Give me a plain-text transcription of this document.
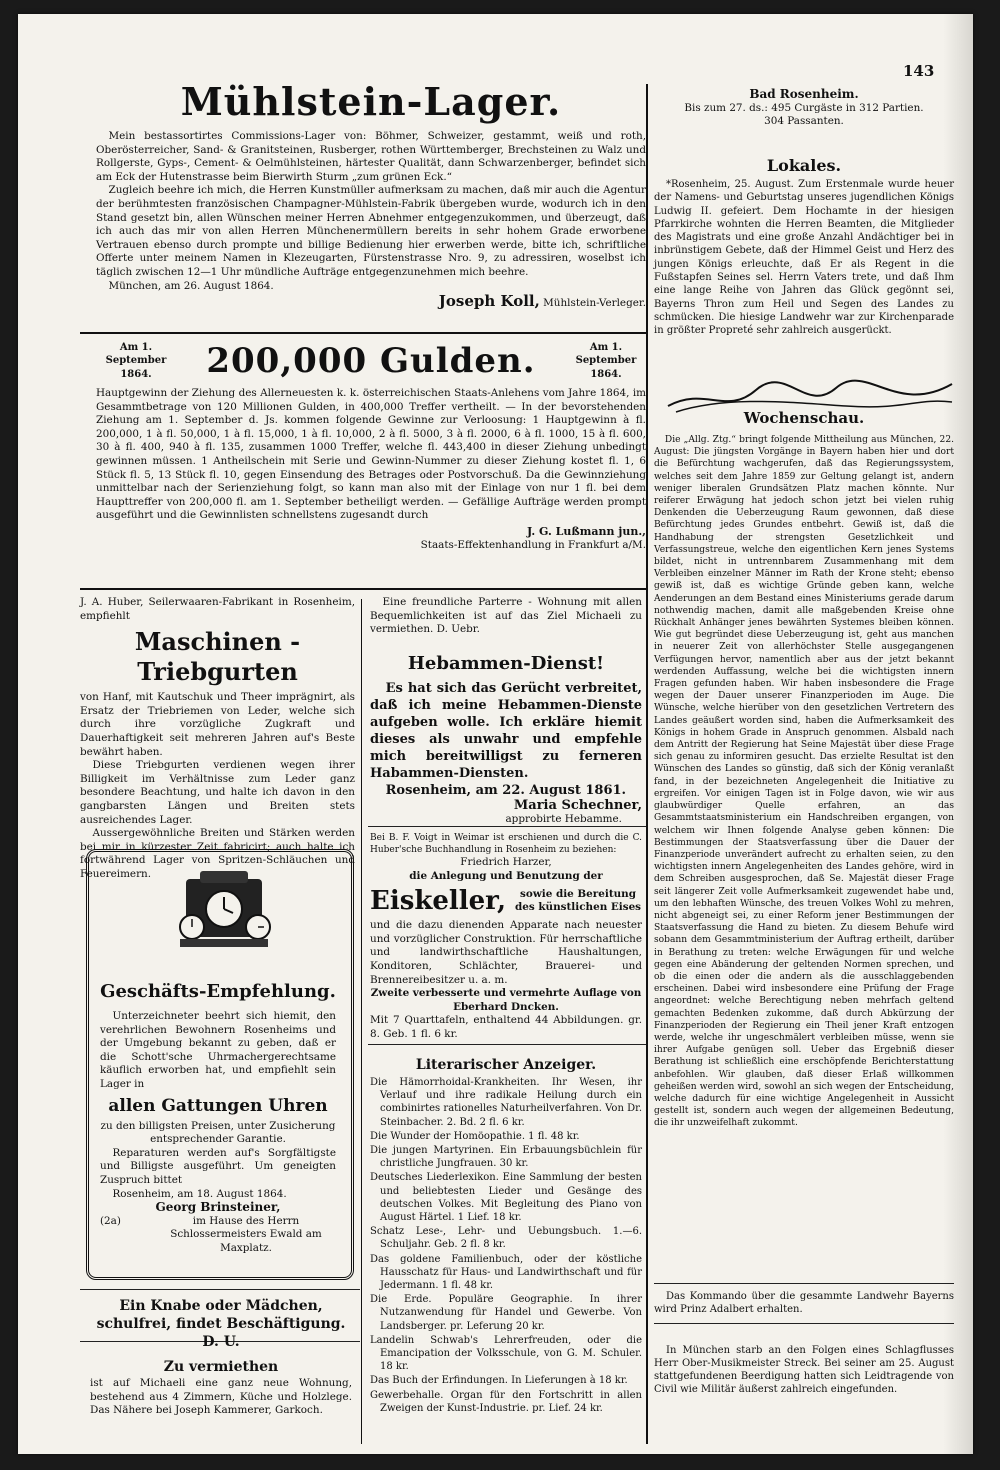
143
Mühlstein-Lager.

Mein bestassortirtes Commissions-Lager von: Böhmer, Schweizer, gestammt, weiß und roth, Oberösterreicher, Sand- & Granitsteinen, Rusberger, rothen Württemberger, Brechsteinen zu Walz und Rollgerste, Gyps-, Cement- & Oelmühlsteinen, härtester Qualität, dann Schwarzenberger, befindet sich am Eck der Hutenstrasse beim Bierwirth Sturm „zum grünen Eck.“

Zugleich beehre ich mich, die Herren Kunstmüller aufmerksam zu machen, daß mir auch die Agentur der berühmtesten französischen Champagner-Mühlstein-Fabrik übergeben wurde, wodurch ich in den Stand gesetzt bin, allen Wünschen meiner Herren Abnehmer entgegenzukommen, und überzeugt, daß ich auch das mir von allen Herren Münchenermüllern bereits in sehr hohem Grade erworbene Vertrauen ebenso durch prompte und billige Bedienung hier erwerben werde, bitte ich, schriftliche Offerte unter meinem Namen in Klezeugarten, Fürstenstrasse Nro. 9, zu adressiren, woselbst ich täglich zwischen 12—1 Uhr mündliche Aufträge entgegenzunehmen mich beehre.

München, am 26. August 1864.

Joseph Koll, Mühlstein-Verleger.
Am 1. September 1864.	200,000 Gulden.	Am 1. September 1864.

Hauptgewinn der Ziehung des Allerneuesten k. k. österreichischen Staats-Anlehens vom Jahre 1864, im Gesammtbetrage von 120 Millionen Gulden, in 400,000 Treffer vertheilt. — In der bevorstehenden Ziehung am 1. September d. Js. kommen folgende Gewinne zur Verloosung: 1 Hauptgewinn à fl. 200,000, 1 à fl. 50,000, 1 à fl. 15,000, 1 à fl. 10,000, 2 à fl. 5000, 3 à fl. 2000, 6 à fl. 1000, 15 à fl. 600, 30 à fl. 400, 940 à fl. 135, zusammen 1000 Treffer, welche fl. 443,400 in dieser Ziehung unbedingt gewinnen müssen. 1 Antheilschein mit Serie und Gewinn-Nummer zu dieser Ziehung kostet fl. 1, 6 Stück fl. 5, 13 Stück fl. 10, gegen Einsendung des Betrages oder Postvorschuß. Da die Gewinnziehung unmittelbar nach der Serienziehung folgt, so kann man also mit der Einlage von nur 1 fl. bei dem Haupttreffer von 200,000 fl. am 1. September betheiligt werden. — Gefällige Aufträge werden prompt ausgeführt und die Gewinnlisten schnellstens zugesandt durch

J. G. Lußmann jun.,
Staats-Effektenhandlung in Frankfurt a/M.

J. A. Huber, Seilerwaaren-Fabrikant in Rosenheim, empfiehlt

Maschinen - Triebgurten

von Hanf, mit Kautschuk und Theer imprägnirt, als Ersatz der Triebriemen von Leder, welche sich durch ihre vorzügliche Zugkraft und Dauerhaftigkeit seit mehreren Jahren auf's Beste bewährt haben.

Diese Triebgurten verdienen wegen ihrer Billigkeit im Verhältnisse zum Leder ganz besondere Beachtung, und halte ich davon in den gangbarsten Längen und Breiten stets ausreichendes Lager.

Aussergewöhnliche Breiten und Stärken werden bei mir in kürzester Zeit fabricirt; auch halte ich fortwährend Lager von Spritzen-Schläuchen und Feuereimern.

Geschäfts-Empfehlung.

Unterzeichneter beehrt sich hiemit, den verehrlichen Bewohnern Rosenheims und der Umgebung bekannt zu geben, daß er die Schott'sche Uhrmachergerechtsame käuflich erworben hat, und empfiehlt sein Lager in

allen Gattungen Uhren

zu den billigsten Preisen, unter Zusicherung entsprechender Garantie.

Reparaturen werden auf's Sorgfältigste und Billigste ausgeführt. Um geneigten Zuspruch bittet

Rosenheim, am 18. August 1864.

Georg Brinsteiner,
(2a)	im Hause des Herrn Schlossermeisters Ewald am Maxplatz.
Ein Knabe oder Mädchen, schulfrei, findet Beschäftigung. D. U.
Zu vermiethen

ist auf Michaeli eine ganz neue Wohnung, bestehend aus 4 Zimmern, Küche und Holzlege. Das Nähere bei Joseph Kammerer, Garkoch.

Eine freundliche Parterre - Wohnung mit allen Bequemlichkeiten ist auf das Ziel Michaeli zu vermiethen. D. Uebr.

Hebammen-Dienst!

Es hat sich das Gerücht verbreitet, daß ich meine Hebammen-Dienste aufgeben wolle. Ich erkläre hiemit dieses als unwahr und empfehle mich bereitwilligst zu ferneren Habammen-Diensten.

Rosenheim, am 22. August 1861.

Maria Schechner,
approbirte Hebamme.

Bei B. F. Voigt in Weimar ist erschienen und durch die C. Huber'sche Buchhandlung in Rosenheim zu beziehen:

Friedrich Harzer,
die Anlegung und Benutzung der
Eiskeller,	sowie die Bereitung des künstlichen Eises

und die dazu dienenden Apparate nach neuester und vorzüglicher Construktion. Für herrschaftliche und landwirthschaftliche Haushaltungen, Konditoren, Schlächter, Brauerei- und Brennereibesitzer u. a. m.

Zweite verbesserte und vermehrte Auflage von Eberhard Dncken.

Mit 7 Quarttafeln, enthaltend 44 Abbildungen. gr. 8. Geb. 1 fl. 6 kr.

Literarischer Anzeiger.

Die Hämorrhoidal-Krankheiten. Ihr Wesen, ihr Verlauf und ihre radikale Heilung durch ein combinirtes rationelles Naturheilverfahren. Von Dr. Steinbacher. 2. Bd. 2 fl. 6 kr.

Die Wunder der Homöopathie. 1 fl. 48 kr.

Die jungen Martyrinen. Ein Erbauungsbüchlein für christliche Jungfrauen. 30 kr.

Deutsches Liederlexikon. Eine Sammlung der besten und beliebtesten Lieder und Gesänge des deutschen Volkes. Mit Begleitung des Piano von August Härtel. 1 Lief. 18 kr.

Schatz Lese-, Lehr- und Uebungsbuch. 1.—6. Schuljahr. Geb. 2 fl. 8 kr.

Das goldene Familienbuch, oder der köstliche Hausschatz für Haus- und Landwirthschaft und für Jedermann. 1 fl. 48 kr.

Die Erde. Populäre Geographie. In ihrer Nutzanwendung für Handel und Gewerbe. Von Landsberger. pr. Leferung 20 kr.

Landelin Schwab's Lehrerfreuden, oder die Emancipation der Volksschule, von G. M. Schuler. 18 kr.

Das Buch der Erfindungen. In Lieferungen à 18 kr.

Gewerbehalle. Organ für den Fortschritt in allen Zweigen der Kunst-Industrie. pr. Lief. 24 kr.

Bad Rosenheim.
Bis zum 27. ds.: 495 Curgäste in 312 Partien.
304 Passanten.
Lokales.

*Rosenheim, 25. August. Zum Erstenmale wurde heuer der Namens- und Geburtstag unseres jugendlichen Königs Ludwig II. gefeiert. Dem Hochamte in der hiesigen Pfarrkirche wohnten die Herren Beamten, die Mitglieder des Magistrats und eine große Anzahl Andächtiger bei in inbrünstigem Gebete, daß der Himmel Geist und Herz des jungen Königs erleuchte, daß Er als Regent in die Fußstapfen Seines sel. Herrn Vaters trete, und daß Ihm eine lange Reihe von Jahren das Glück gegönnt sei, Bayerns Thron zum Heil und Segen des Landes zu schmücken. Die hiesige Landwehr war zur Kirchenparade in größter Propreté sehr zahlreich ausgerückt.

Wochenschau.

Die „Allg. Ztg.“ bringt folgende Mittheilung aus München, 22. August: Die jüngsten Vorgänge in Bayern haben hier und dort die Befürchtung wachgerufen, daß das Regierungssystem, welches seit dem Jahre 1859 zur Geltung gelangt ist, andern weniger liberalen Grundsätzen Platz machen könnte. Nur reiferer Erwägung hat jedoch schon jetzt bei vielen ruhig Denkenden die Ueberzeugung Raum gewonnen, daß diese Befürchtung jedes Grundes entbehrt. Gewiß ist, daß die Handhabung der strengsten Gesetzlichkeit und Verfassungstreue, welche den eigentlichen Kern jenes Systems bildet, nicht in untrennbarem Zusammenhang mit dem Verbleiben einzelner Männer im Rath der Krone steht; ebenso gewiß ist, daß es wichtige Gründe geben kann, welche Aenderungen an dem Bestand eines Ministeriums gerade darum nothwendig machen, damit alle maßgebenden Kreise ohne Rückhalt Anhänger jenes bewährten Systemes bleiben können. Wie gut begründet diese Ueberzeugung ist, geht aus manchen in neuerer Zeit von allerhöchster Stelle ausgegangenen Verfügungen hervor, namentlich aber aus der jetzt bekannt werdenden Auffassung, welche bei die wichtigsten innern Fragen gefunden haben. Wir haben insbesondere die Frage wegen der Dauer unserer Finanzperioden im Auge. Die Wünsche, welche hierüber von den gesetzlichen Vertretern des Landes geäußert worden sind, haben die Aufmerksamkeit des Königs in hohem Grade in Anspruch genommen. Alsbald nach dem Antritt der Regierung hat Seine Majestät über diese Frage sich genau zu informiren gesucht. Das erzielte Resultat ist den Wünschen des Landes so günstig, daß sich der König veranlaßt fand, in der bezeichneten Angelegenheit die Initiative zu ergreifen. Vor einigen Tagen ist in Folge davon, wie wir aus glaubwürdiger Quelle erfahren, an das Gesammtstaatsministerium ein Handschreiben ergangen, von welchem wir Ihnen folgende Analyse geben können: Die Bestimmungen der Staatsverfassung über die Dauer der Finanzperiode unverändert aufrecht zu erhalten seien, zu den wichtigsten innern Angelegenheiten des Landes gehöre, wird in dem Schreiben ausgesprochen, daß Se. Majestät dieser Frage seit längerer Zeit volle Aufmerksamkeit zugewendet habe und, um den lebhaften Wünsche, des treuen Volkes Wohl zu mehren, nicht abgeneigt sei, zu einer Reform jener Bestimmungen der Staatsverfassung die Hand zu bieten. Zu diesem Behufe wird sobann dem Gesammtministerium der Auftrag ertheilt, darüber in Berathung zu treten: welche Erwägungen für und welche gegen eine Abänderung der geltenden Normen sprechen, und ob die einen oder die andern als die ausschlaggebenden erscheinen. Dabei wird insbesondere eine Prüfung der Frage angeordnet: welche Berechtigung neben mehrfach geltend gemachten Bedenken zukomme, daß durch Abkürzung der Finanzperioden der Regierung ein Theil jener Kraft entzogen werde, welche ihr ungeschmälert verbleiben müsse, wenn sie ihrer Aufgabe genügen soll. Ueber das Ergebniß dieser Berathung ist schließlich eine erschöpfende Berichterstattung anbefohlen. Wir glauben, daß dieser Erlaß willkommen geheißen werden wird, sowohl an sich wegen der Entscheidung, welche dadurch für eine wichtige Angelegenheit in Aussicht gestellt ist, sondern auch wegen der allgemeinen Bedeutung, die ihr unzweifelhaft zukommt.

Das Kommando über die gesammte Landwehr Bayerns wird Prinz Adalbert erhalten.

In München starb an den Folgen eines Schlagflusses Herr Ober-Musikmeister Streck. Bei seiner am 25. August stattgefundenen Beerdigung hatten sich Leidtragende von Civil wie Militär äußerst zahlreich eingefunden.
